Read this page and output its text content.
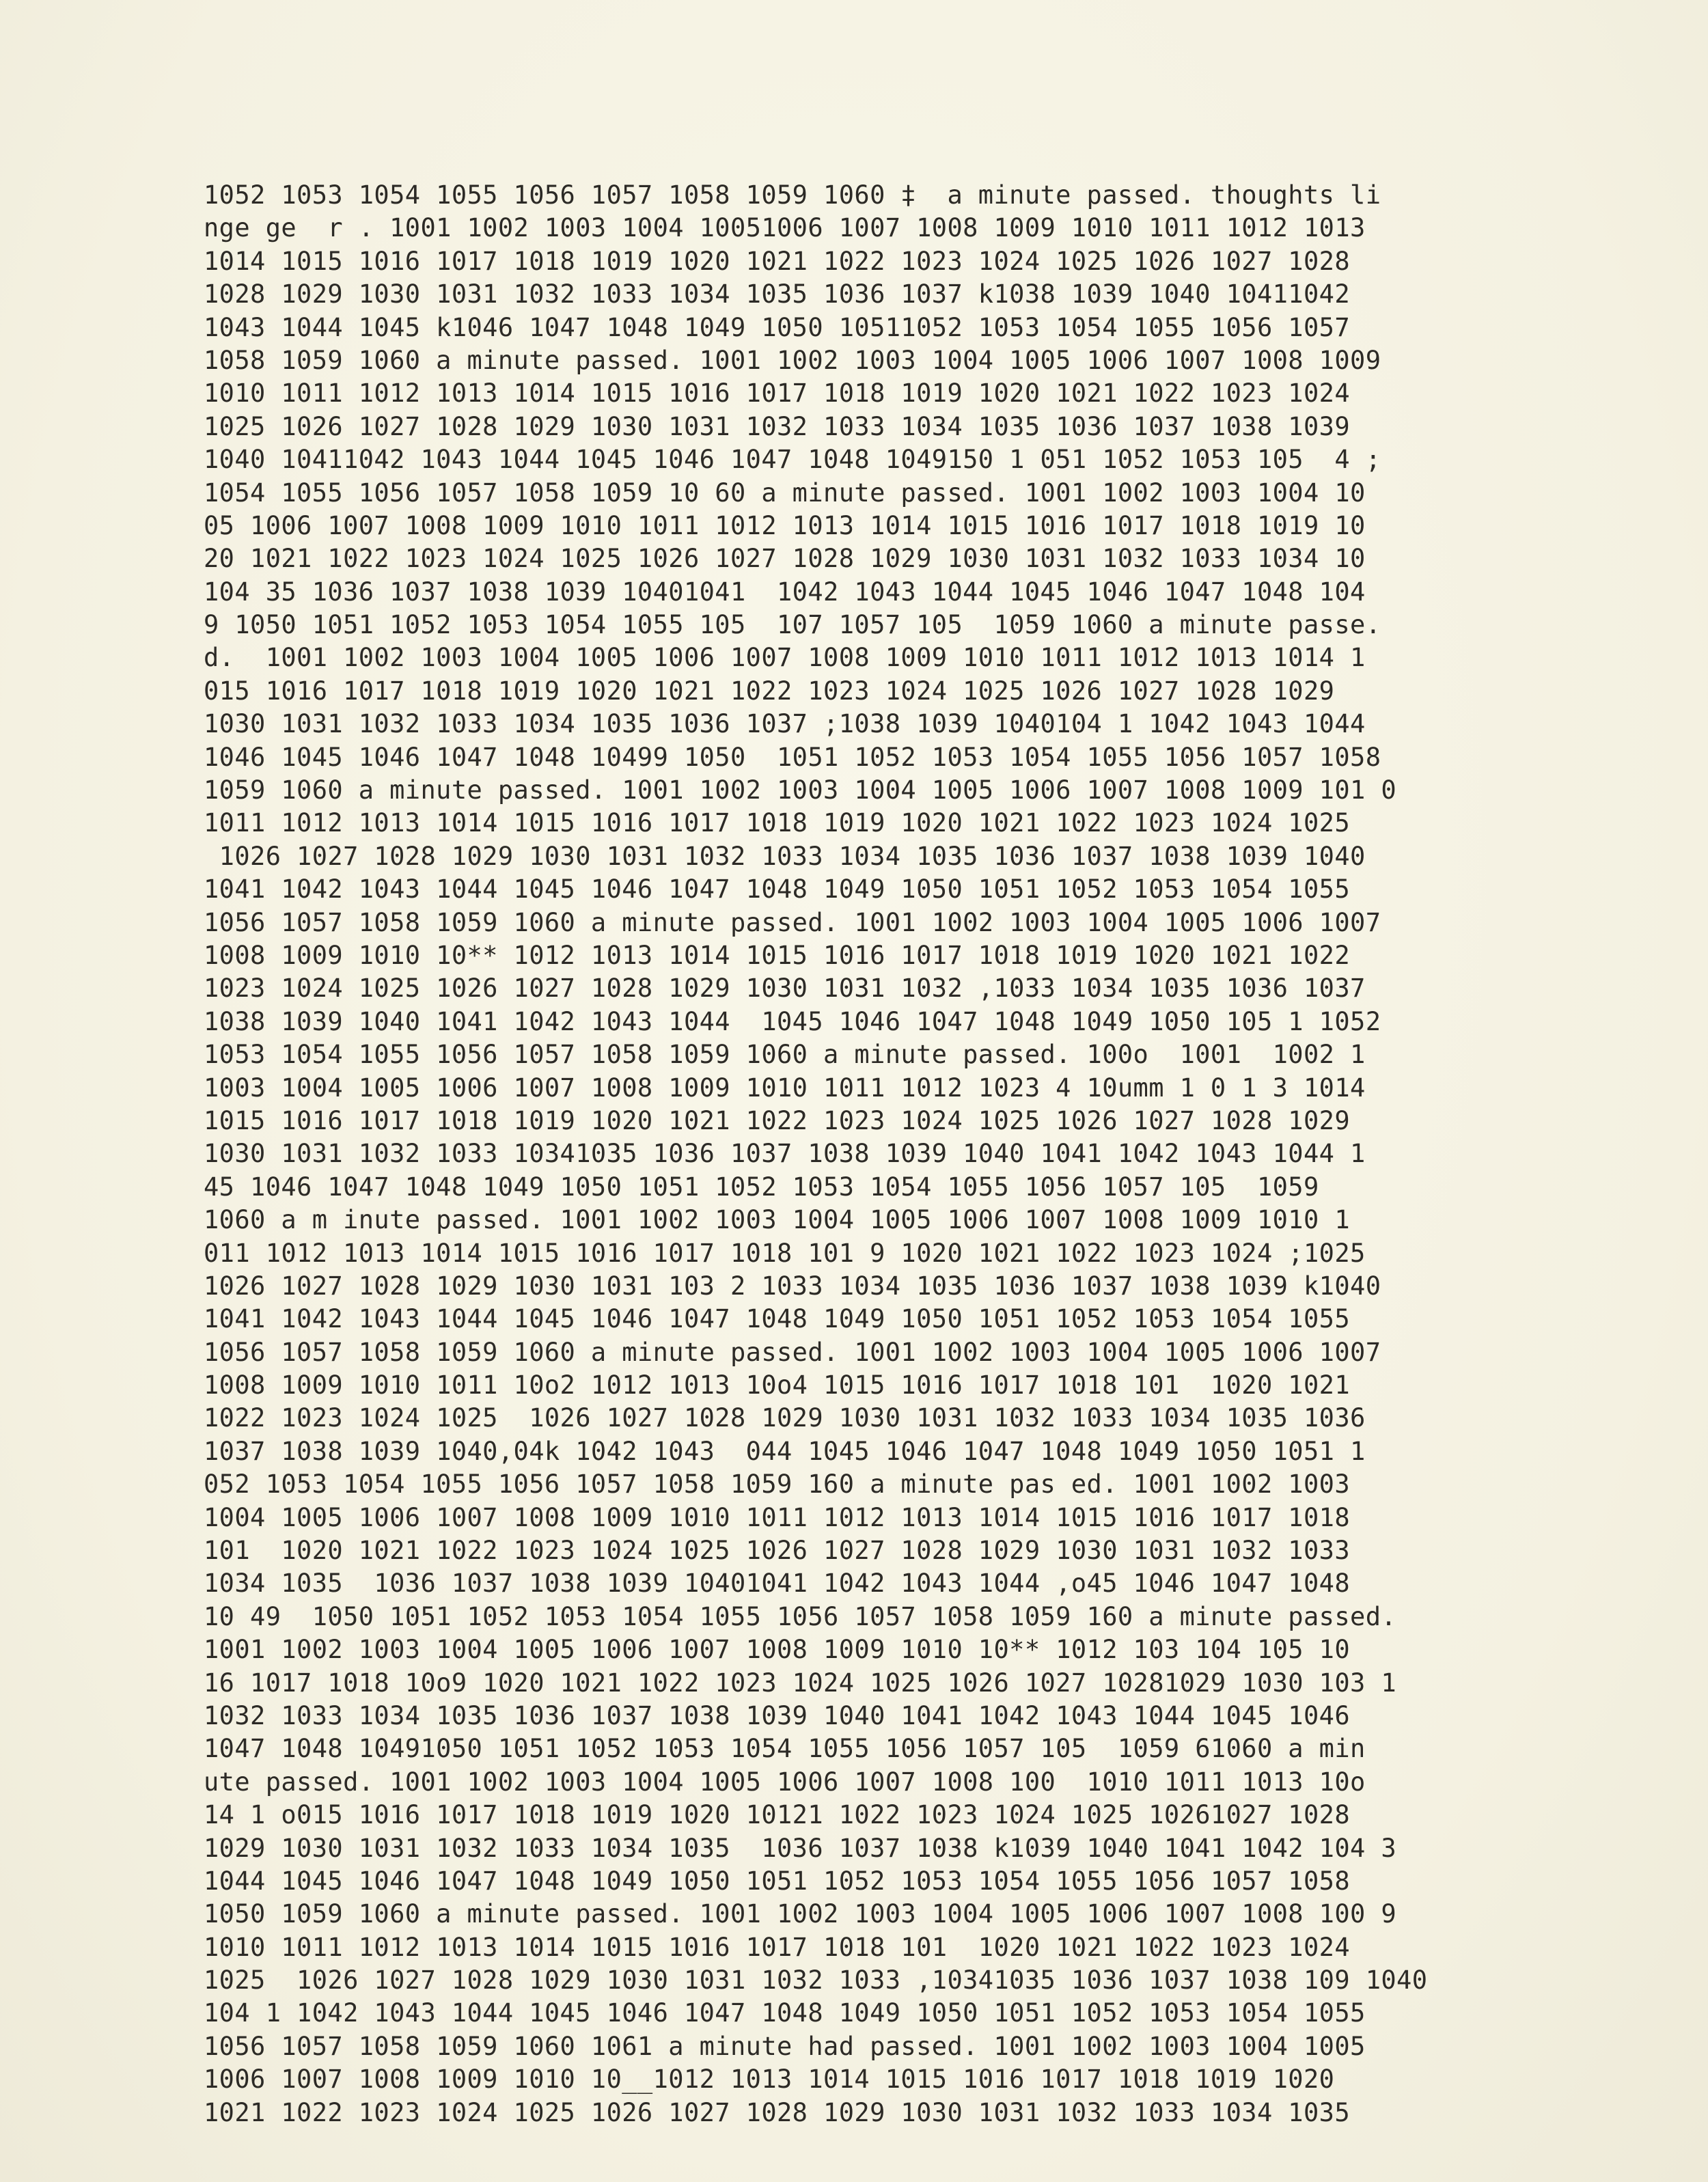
1052 1053 1054 1055 1056 1057 1058 1059 1060 ‡  a minute passed. thoughts li
nge ge  r . 1001 1002 1003 1004 10051006 1007 1008 1009 1010 1011 1012 1013
1014 1015 1016 1017 1018 1019 1020 1021 1022 1023 1024 1025 1026 1027 1028
1028 1029 1030 1031 1032 1033 1034 1035 1036 1037 k1038 1039 1040 10411042
1043 1044 1045 k1046 1047 1048 1049 1050 10511052 1053 1054 1055 1056 1057
1058 1059 1060 a minute passed. 1001 1002 1003 1004 1005 1006 1007 1008 1009
1010 1011 1012 1013 1014 1015 1016 1017 1018 1019 1020 1021 1022 1023 1024
1025 1026 1027 1028 1029 1030 1031 1032 1033 1034 1035 1036 1037 1038 1039
1040 10411042 1043 1044 1045 1046 1047 1048 1049150 1 051 1052 1053 105  4 ;
1054 1055 1056 1057 1058 1059 10 60 a minute passed. 1001 1002 1003 1004 10
05 1006 1007 1008 1009 1010 1011 1012 1013 1014 1015 1016 1017 1018 1019 10
20 1021 1022 1023 1024 1025 1026 1027 1028 1029 1030 1031 1032 1033 1034 10
104 35 1036 1037 1038 1039 10401041  1042 1043 1044 1045 1046 1047 1048 104
9 1050 1051 1052 1053 1054 1055 105  107 1057 105  1059 1060 a minute passe.
d.  1001 1002 1003 1004 1005 1006 1007 1008 1009 1010 1011 1012 1013 1014 1
015 1016 1017 1018 1019 1020 1021 1022 1023 1024 1025 1026 1027 1028 1029
1030 1031 1032 1033 1034 1035 1036 1037 ;1038 1039 1040104 1 1042 1043 1044
1046 1045 1046 1047 1048 10499 1050  1051 1052 1053 1054 1055 1056 1057 1058
1059 1060 a minute passed. 1001 1002 1003 1004 1005 1006 1007 1008 1009 101 0
1011 1012 1013 1014 1015 1016 1017 1018 1019 1020 1021 1022 1023 1024 1025
1026 1027 1028 1029 1030 1031 1032 1033 1034 1035 1036 1037 1038 1039 1040
1041 1042 1043 1044 1045 1046 1047 1048 1049 1050 1051 1052 1053 1054 1055
1056 1057 1058 1059 1060 a minute passed. 1001 1002 1003 1004 1005 1006 1007
1008 1009 1010 10** 1012 1013 1014 1015 1016 1017 1018 1019 1020 1021 1022
1023 1024 1025 1026 1027 1028 1029 1030 1031 1032 ,1033 1034 1035 1036 1037
1038 1039 1040 1041 1042 1043 1044  1045 1046 1047 1048 1049 1050 105 1 1052
1053 1054 1055 1056 1057 1058 1059 1060 a minute passed. 100o  1001  1002 1
1003 1004 1005 1006 1007 1008 1009 1010 1011 1012 1023 4 10umm 1 0 1 3 1014
1015 1016 1017 1018 1019 1020 1021 1022 1023 1024 1025 1026 1027 1028 1029
1030 1031 1032 1033 10341035 1036 1037 1038 1039 1040 1041 1042 1043 1044 1
45 1046 1047 1048 1049 1050 1051 1052 1053 1054 1055 1056 1057 105  1059
1060 a m inute passed. 1001 1002 1003 1004 1005 1006 1007 1008 1009 1010 1
011 1012 1013 1014 1015 1016 1017 1018 101 9 1020 1021 1022 1023 1024 ;1025
1026 1027 1028 1029 1030 1031 103 2 1033 1034 1035 1036 1037 1038 1039 k1040
1041 1042 1043 1044 1045 1046 1047 1048 1049 1050 1051 1052 1053 1054 1055
1056 1057 1058 1059 1060 a minute passed. 1001 1002 1003 1004 1005 1006 1007
1008 1009 1010 1011 10o2 1012 1013 10o4 1015 1016 1017 1018 101  1020 1021
1022 1023 1024 1025  1026 1027 1028 1029 1030 1031 1032 1033 1034 1035 1036
1037 1038 1039 1040,04k 1042 1043  044 1045 1046 1047 1048 1049 1050 1051 1
052 1053 1054 1055 1056 1057 1058 1059 160 a minute pas ed. 1001 1002 1003
1004 1005 1006 1007 1008 1009 1010 1011 1012 1013 1014 1015 1016 1017 1018
101  1020 1021 1022 1023 1024 1025 1026 1027 1028 1029 1030 1031 1032 1033
1034 1035  1036 1037 1038 1039 10401041 1042 1043 1044 ,o45 1046 1047 1048
10 49  1050 1051 1052 1053 1054 1055 1056 1057 1058 1059 160 a minute passed.
1001 1002 1003 1004 1005 1006 1007 1008 1009 1010 10** 1012 103 104 105 10
16 1017 1018 10o9 1020 1021 1022 1023 1024 1025 1026 1027 10281029 1030 103 1
1032 1033 1034 1035 1036 1037 1038 1039 1040 1041 1042 1043 1044 1045 1046
1047 1048 10491050 1051 1052 1053 1054 1055 1056 1057 105  1059 61060 a min
ute passed. 1001 1002 1003 1004 1005 1006 1007 1008 100  1010 1011 1013 10o
14 1 o015 1016 1017 1018 1019 1020 10121 1022 1023 1024 1025 10261027 1028
1029 1030 1031 1032 1033 1034 1035  1036 1037 1038 k1039 1040 1041 1042 104 3
1044 1045 1046 1047 1048 1049 1050 1051 1052 1053 1054 1055 1056 1057 1058
1050 1059 1060 a minute passed. 1001 1002 1003 1004 1005 1006 1007 1008 100 9
1010 1011 1012 1013 1014 1015 1016 1017 1018 101  1020 1021 1022 1023 1024
1025  1026 1027 1028 1029 1030 1031 1032 1033 ,10341035 1036 1037 1038 109 1040
104 1 1042 1043 1044 1045 1046 1047 1048 1049 1050 1051 1052 1053 1054 1055
1056 1057 1058 1059 1060 1061 a minute had passed. 1001 1002 1003 1004 1005
1006 1007 1008 1009 1010 10__1012 1013 1014 1015 1016 1017 1018 1019 1020
1021 1022 1023 1024 1025 1026 1027 1028 1029 1030 1031 1032 1033 1034 1035
